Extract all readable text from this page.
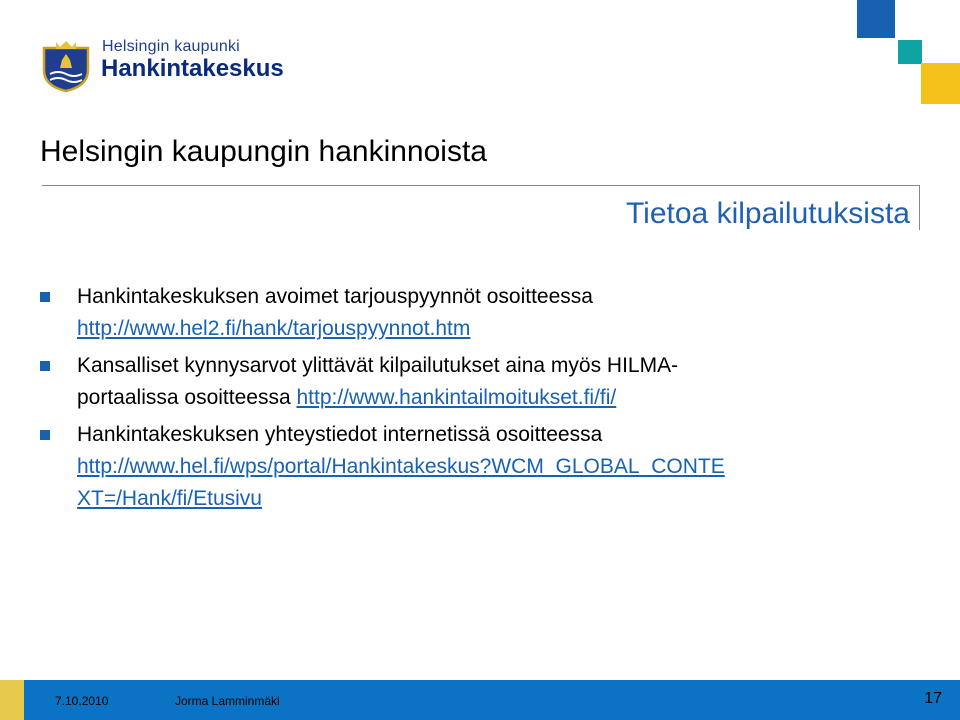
Helsingin kaupunki
Hankintakeskus
Helsingin kaupungin hankinnoista
Tietoa kilpailutuksista
Hankintakeskuksen avoimet tarjouspyynnöt osoitteessa
http://www.hel2.fi/hank/tarjouspyynnot.htm
Kansalliset kynnysarvot ylittävät kilpailutukset aina myös HILMA-
portaalissa osoitteessa http://www.hankintailmoitukset.fi/fi/
Hankintakeskuksen yhteystiedot internetissä osoitteessa
http://www.hel.fi/wps/portal/Hankintakeskus?WCM_GLOBAL_CONTE
XT=/Hank/fi/Etusivu
7.10.2010	Jorma Lamminmäki	17
